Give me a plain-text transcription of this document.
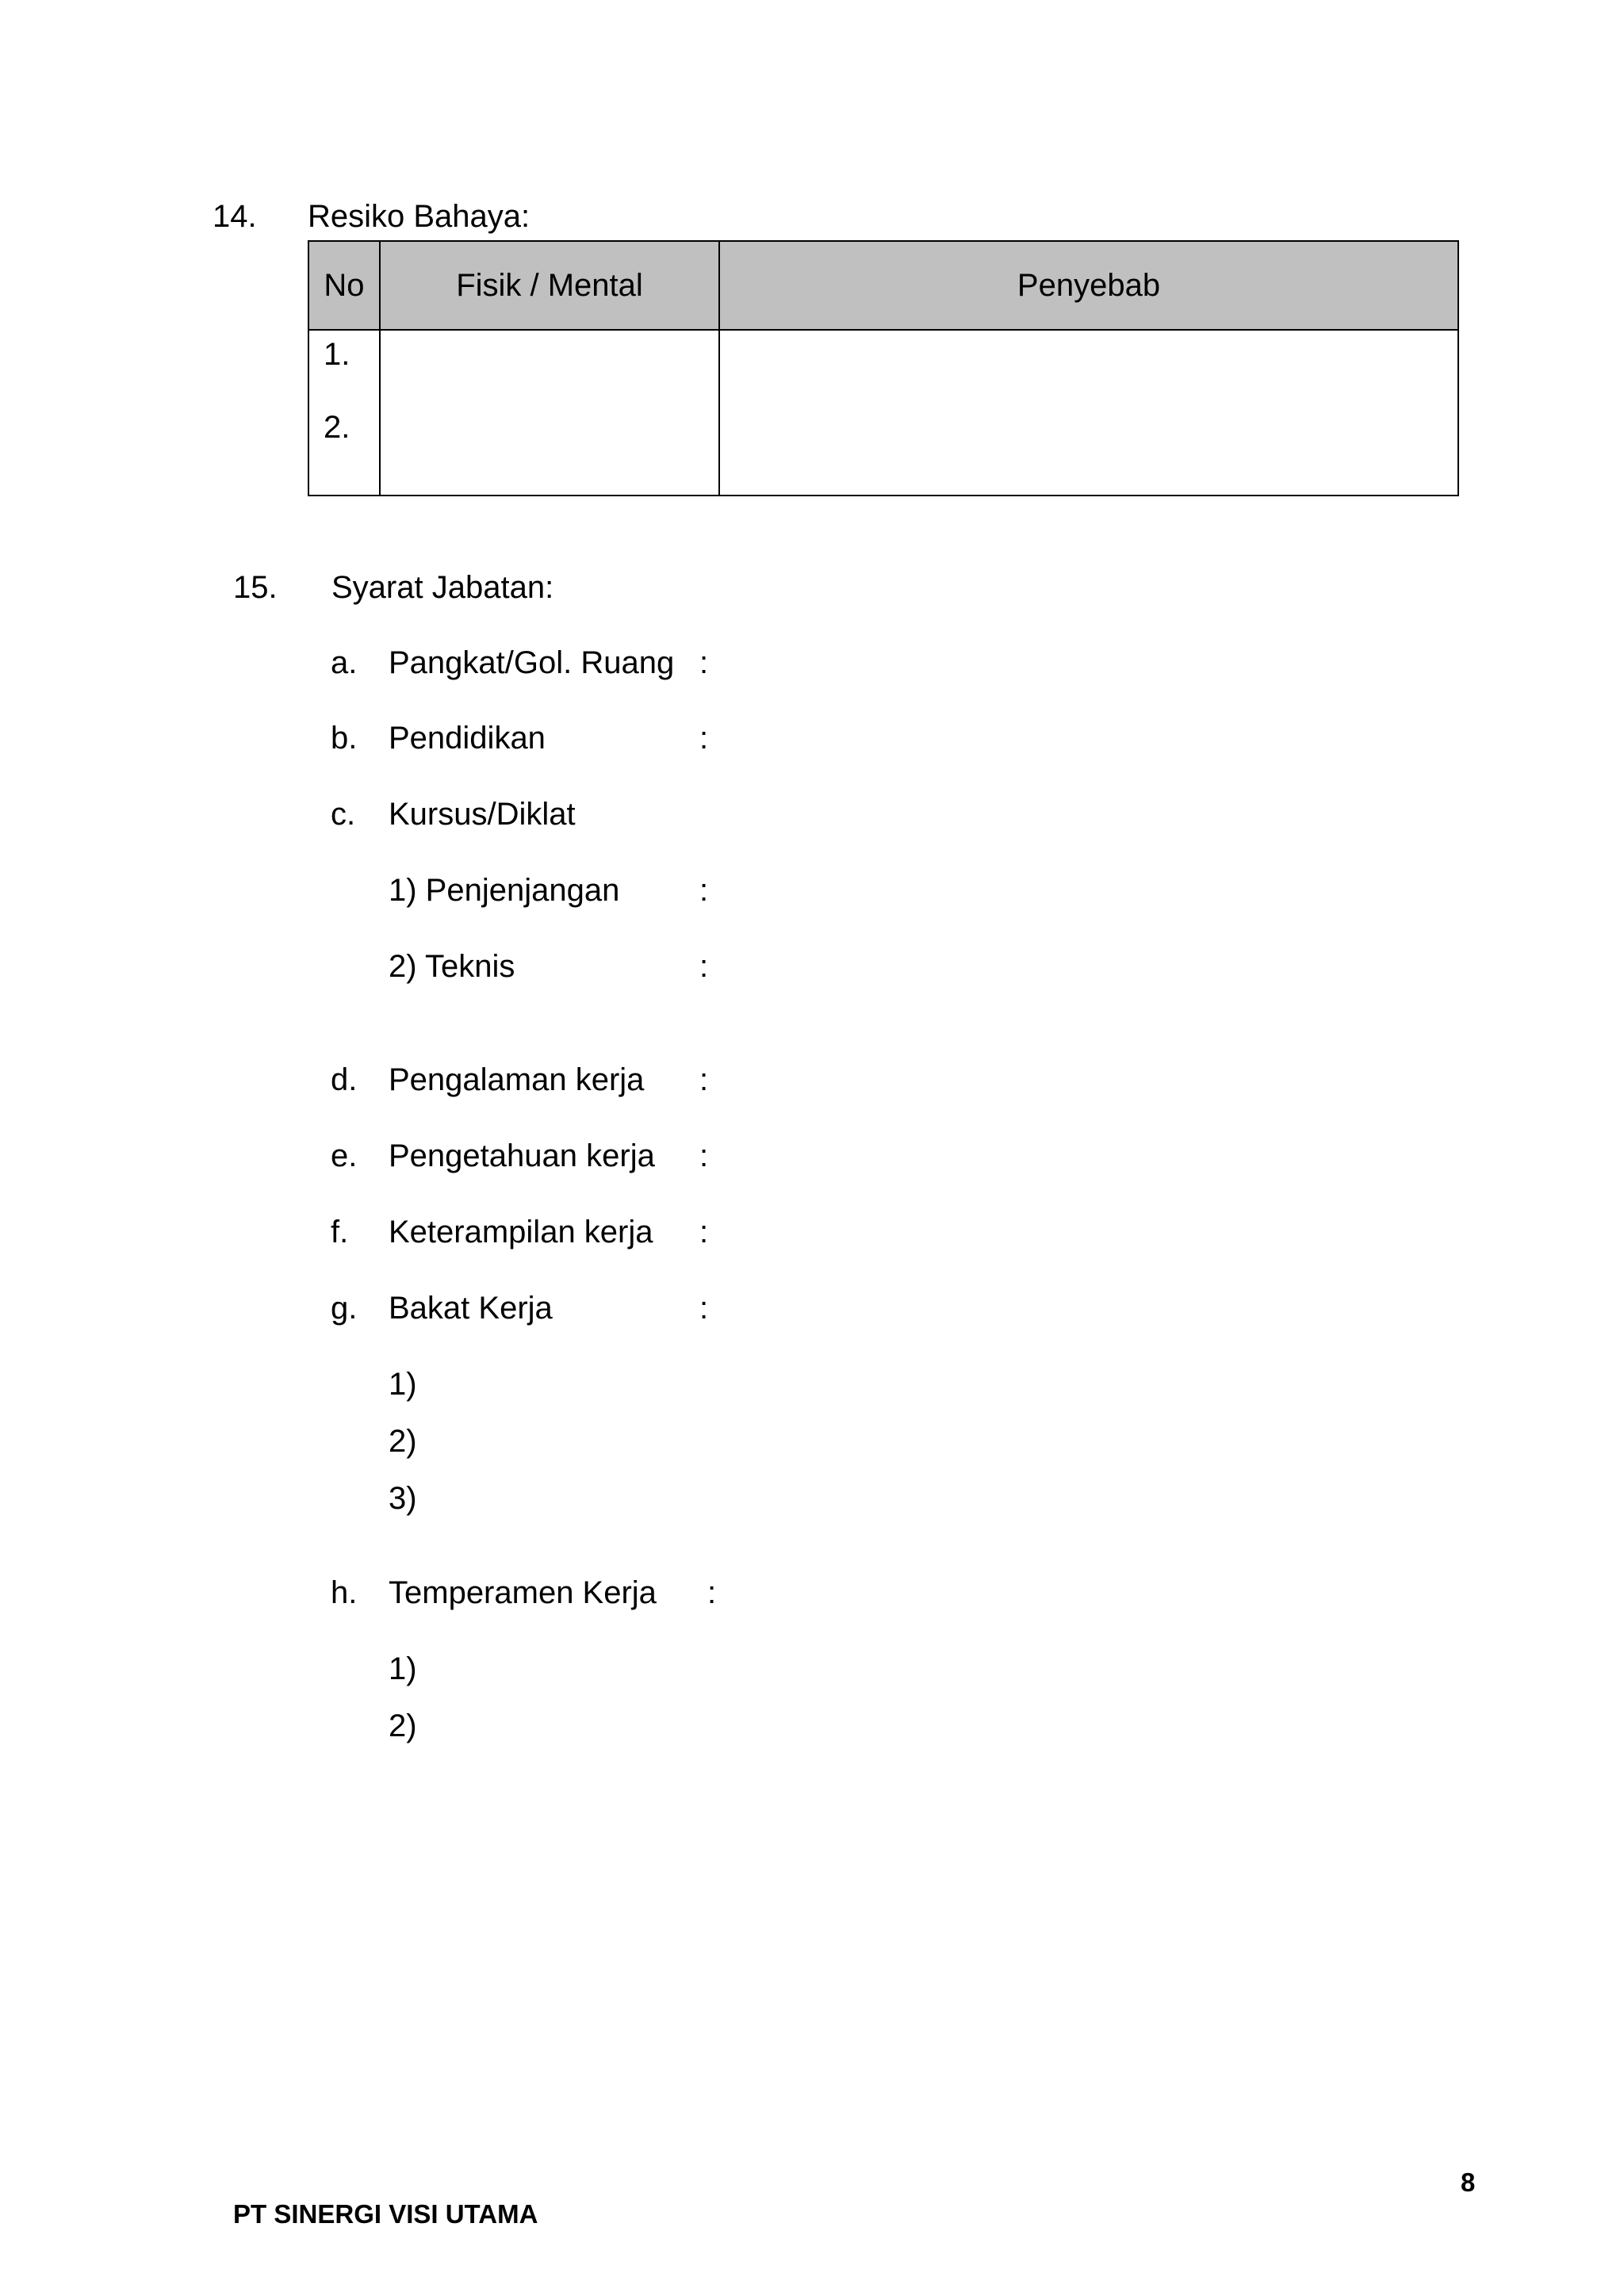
14. Resiko Bahaya:
No	Fisik / Mental	Penyebab

1.
2.		

15. Syarat Jabatan:
a. Pangkat/Gol. Ruang :
b. Pendidikan	:
c. Kursus/Diklat
1) Penjenjangan	:
2) Teknis	:
d. Pengalaman kerja :
e. Pengetahuan kerja :
f. Keterampilan kerja :
g. Bakat Kerja	:
1)
2)
3)
h. Temperamen Kerja :
1)
2)
8
PT SINERGI VISI UTAMA
